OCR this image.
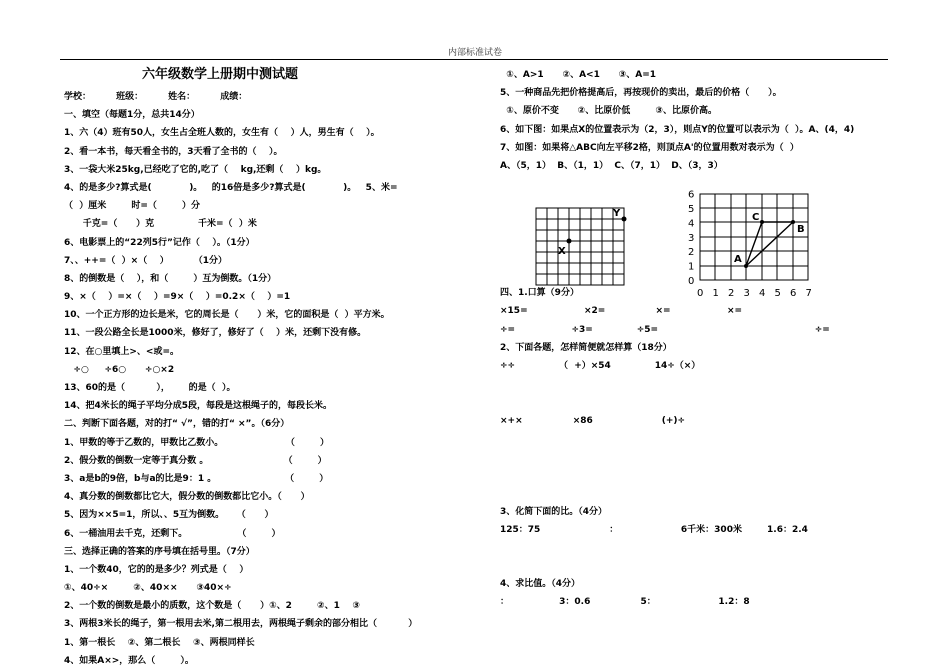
内部标准试卷
六年级数学上册期中测试题
学校：        班级：        姓名：        成绩：
一、填空（每题1分，总共14分）
1、六（4）班有50人，女生占全班人数的，女生有（    ）人，男生有（    ）。
2、看一本书，每天看全书的，3天看了全书的（    ）。
3、一袋大米25kg,已经吃了它的,吃了（    kg,还剩（    ）kg。
4、的是多少?算式是(            )。   的16倍是多少?算式是(            )。   5、米=
（  ）厘米        时=（        ）分
千克=（      ）克              千米=（  ）米
6、电影票上的“22列5行”记作（    ）。（1分）
7、、++=（  ）×（    ）        （1分）
8、的倒数是（    ），和（        ）互为倒数。（1分）
9、×（    ）=×（    ）=9×（    ）=0.2×（    ）=1
10、一个正方形的边长是米，它的周长是（      ）米，它的面积是（  ）平方米。
11、一段公路全长是1000米，修好了，修好了（    ）米，还剩下没有修。
12、在○里填上>、<或=。
÷○     ÷6○      ÷○×2
13、60的是（          ），      的是（  ）。
14、把4米长的绳子平均分成5段，每段是这根绳子的，每段长米。
二、判断下面各题，对的打“ √”，错的打“ ×”。（6分）
1、甲数的等于乙数的，甲数比乙数小。                    （        ）
2、假分数的倒数一定等于真分数 。                        （        ）
3、a是b的9倍，b与a的比是9：1 。                      （        ）
4、真分数的倒数都比它大，假分数的倒数都比它小。（      ）
5、因为××5=1，所以、、5互为倒数。    （      ）
6、一桶油用去千克，还剩下。                （        ）
三、选择正确的答案的序号填在括号里。（7分）
1、一个数40，它的的是多少？列式是（    ）
①、40÷×        ②、40××      ③40×÷
2、一个数的倒数是最小的质数，这个数是（      ）①、2        ②、1    ③
3、两根3米长的绳子，第一根用去米,第二根用去，两根绳子剩余的部分相比（          ）
1、第一根长    ②、第二根长    ③、两根同样长
4、如果A×>，那么（        ）。
①、A>1      ②、A<1      ③、A=1
5、一种商品先把价格提高后，再按现价的卖出，最后的价格（      ）。
①、原价不变      ②、比原价低        ③、比原价高。
6、如下图：如果点X的位置表示为（2，3），则点Y的位置可以表示为（  ）。A、(4，4)
7、如图：如果将△ABC向左平移2格，则顶点A'的位置用数对表示为（  ）
A、（5，1）  B、（1，1）  C、（7，1）  D、（3，3）
四、1.口算（9分）
×15=                  ×2=                ×=                  ×=
÷=                  ÷3=              ÷5=                                                  ÷=
2、下面各题，怎样简便就怎样算（18分）
÷÷              （  +）×54              14÷（×）
×+×                ×86                      (+)÷
3、化简下面的比。（4分）
125：75                      ：                    6千米：300米        1.6：2.4
4、求比值。（4分）
：                3：0.6                5：                    1.2：8
X
Y
A
C
B
0
1
2
3
4
5
6
0 1 2 3 4 5 6 7
